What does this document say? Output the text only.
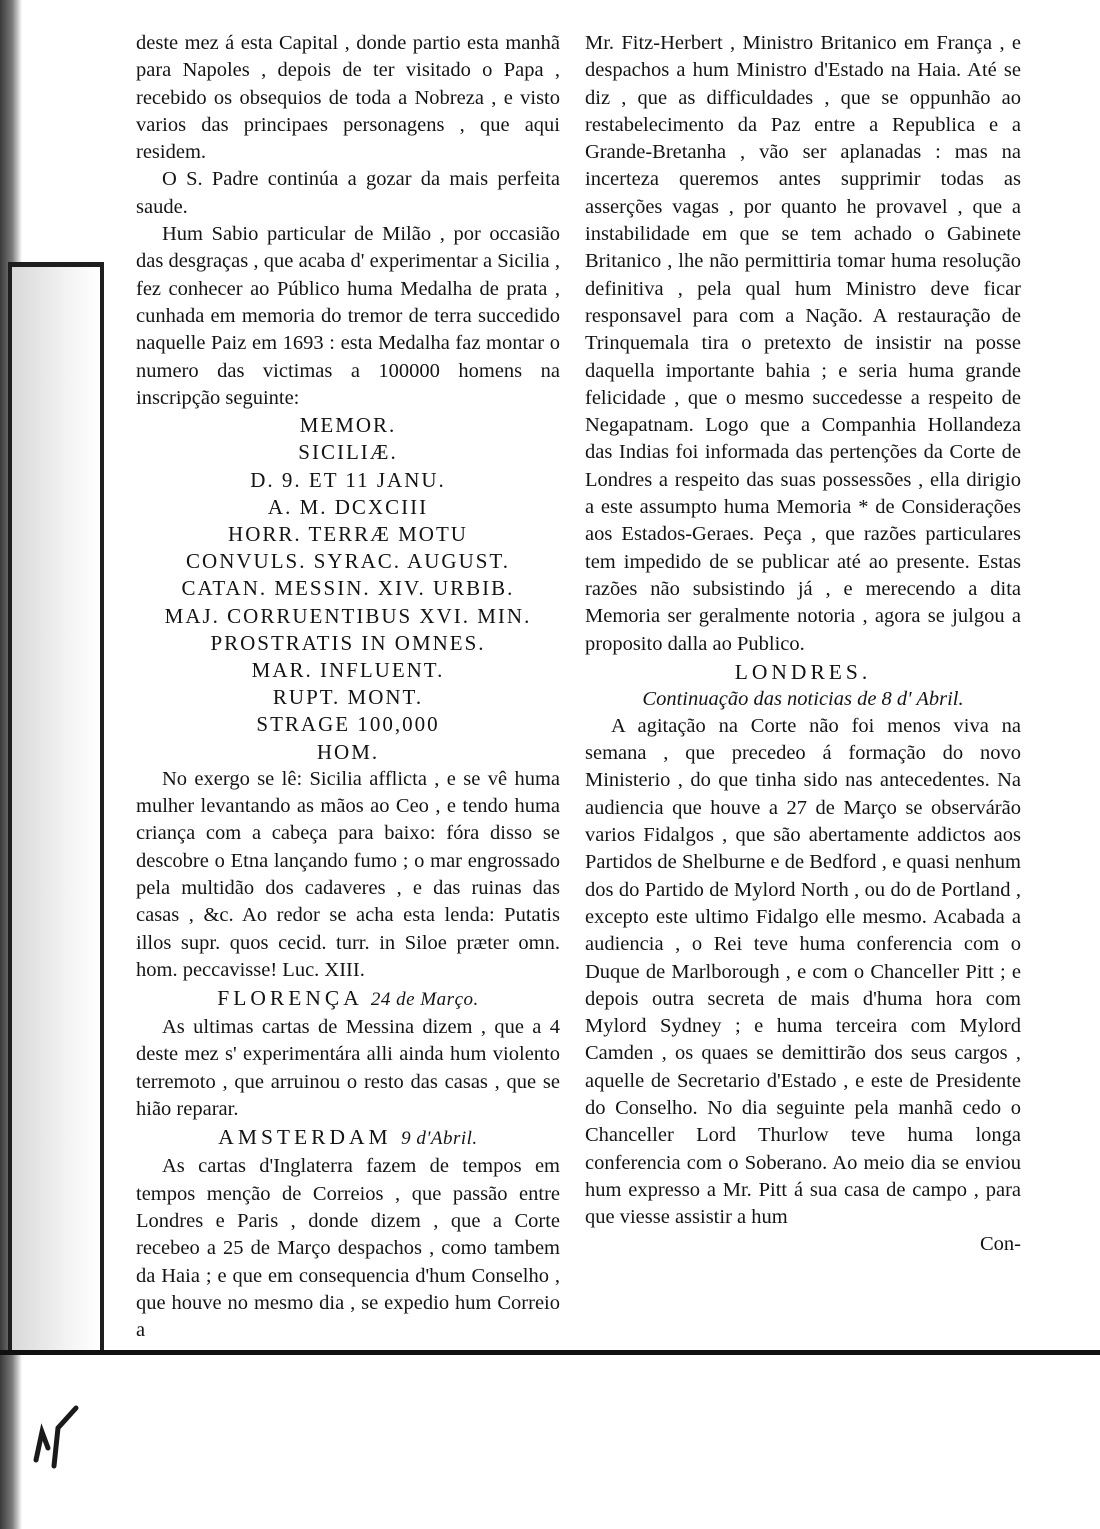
deste mez á esta Capital , donde partio esta manhã para Napoles , depois de ter visitado o Papa , recebido os obsequios de toda a Nobreza , e visto varios das principaes personagens , que aqui residem.

O S. Padre continúa a gozar da mais perfeita saude.

Hum Sabio particular de Milão , por occasião das desgraças , que acaba d' experimentar a Sicilia , fez conhecer ao Público huma Medalha de prata , cunhada em memoria do tremor de terra succedido naquelle Paiz em 1693 : esta Medalha faz montar o numero das victimas a 100000 homens na inscripção seguinte:

MEMOR.

SICILIÆ.

D. 9. ET 11 JANU.

A. M. DCXCIII

HORR. TERRÆ MOTU

CONVULS. SYRAC. AUGUST.

CATAN. MESSIN. XIV. URBIB.

MAJ. CORRUENTIBUS XVI. MIN.

PROSTRATIS IN OMNES.

MAR. INFLUENT.

RUPT. MONT.

STRAGE 100,000

HOM.

No exergo se lê: Sicilia afflicta , e se vê huma mulher levantando as mãos ao Ceo , e tendo huma criança com a cabeça para baixo: fóra disso se descobre o Etna lançando fumo ; o mar engrossado pela multidão dos cadaveres , e das ruinas das casas , &c. Ao redor se acha esta lenda: Putatis illos supr. quos cecid. turr. in Siloe præter omn. hom. peccavisse! Luc. XIII.

FLORENÇA 24 de Março.

As ultimas cartas de Messina dizem , que a 4 deste mez s' experimentára alli ainda hum violento terremoto , que arruinou o resto das casas , que se hião reparar.

AMSTERDAM 9 d'Abril.

As cartas d'Inglaterra fazem de tempos em tempos menção de Correios , que passão entre Londres e Paris , donde dizem , que a Corte recebeo a 25 de Março despachos , como tambem da Haia ; e que em consequencia d'hum Conselho , que houve no mesmo dia , se expedio hum Correio a

Mr. Fitz-Herbert , Ministro Britanico em França , e despachos a hum Ministro d'Estado na Haia. Até se diz , que as difficuldades , que se oppunhão ao restabelecimento da Paz entre a Republica e a Grande-Bretanha , vão ser aplanadas : mas na incerteza queremos antes supprimir todas as asserções vagas , por quanto he provavel , que a instabilidade em que se tem achado o Gabinete Britanico , lhe não permittiria tomar huma resolução definitiva , pela qual hum Ministro deve ficar responsavel para com a Nação. A restauração de Trinquemala tira o pretexto de insistir na posse daquella importante bahia ; e seria huma grande felicidade , que o mesmo succedesse a respeito de Negapatnam. Logo que a Companhia Hollandeza das Indias foi informada das pertenções da Corte de Londres a respeito das suas possessões , ella dirigio a este assumpto huma Memoria * de Considerações aos Estados-Geraes. Peça , que razões particulares tem impedido de se publicar até ao presente. Estas razões não subsistindo já , e merecendo a dita Memoria ser geralmente notoria , agora se julgou a proposito dalla ao Publico.

LONDRES.

Continuação das noticias de 8 d' Abril.

A agitação na Corte não foi menos viva na semana , que precedeo á formação do novo Ministerio , do que tinha sido nas antecedentes. Na audiencia que houve a 27 de Março se observárão varios Fidalgos , que são abertamente addictos aos Partidos de Shelburne e de Bedford , e quasi nenhum dos do Partido de Mylord North , ou do de Portland , excepto este ultimo Fidalgo elle mesmo. Acabada a audiencia , o Rei teve huma conferencia com o Duque de Marlborough , e com o Chanceller Pitt ; e depois outra secreta de mais d'huma hora com Mylord Sydney ; e huma terceira com Mylord Camden , os quaes se demittirão dos seus cargos , aquelle de Secretario d'Estado , e este de Presidente do Conselho. No dia seguinte pela manhã cedo o Chanceller Lord Thurlow teve huma longa conferencia com o Soberano. Ao meio dia se enviou hum expresso a Mr. Pitt á sua casa de campo , para que viesse assistir a hum

Con-
